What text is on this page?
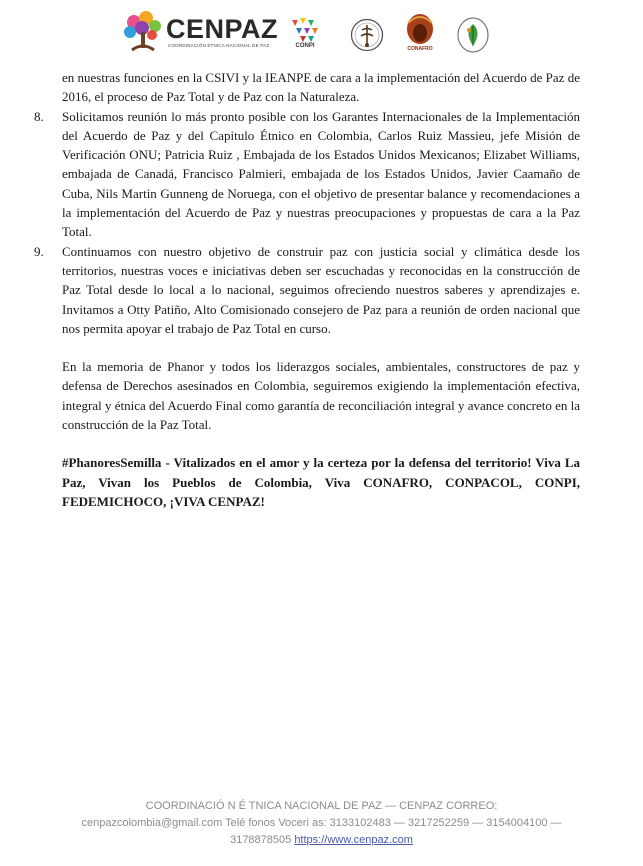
CENPAZ
COORDINACIÓN ÉTNICA NACIONAL DE PAZ	CONPI	CONAFRO

en nuestras funciones en la CSIVI y la IEANPE de cara a la implementación del Acuerdo de Paz de 2016, el proceso de Paz Total y de Paz con la Naturaleza.

8. Solicitamos reunión lo más pronto posible con los Garantes Internacionales de la Implementación del Acuerdo de Paz y del Capitulo Étnico en Colombia, Carlos Ruiz Massieu, jefe Misión de Verificación ONU; Patricia Ruiz , Embajada de los Estados Unidos Mexicanos; Elizabet Williams, embajada de Canadá, Francisco Palmieri, embajada de los Estados Unidos, Javier Caamaño de Cuba, Nils Martin Gunneng de Noruega, con el objetivo de presentar balance y recomendaciones a la implementación del Acuerdo de Paz y nuestras preocupaciones y propuestas de cara a la Paz Total.

9. Continuamos con nuestro objetivo de construir paz con justicia social y climática desde los territorios, nuestras voces e iniciativas deben ser escuchadas y reconocidas en la construcción de Paz Total desde lo local a lo nacional, seguimos ofreciendo nuestros saberes y aprendizajes e. Invitamos a Otty Patiño, Alto Comisionado consejero de Paz para a reunión de orden nacional que nos permita apoyar el trabajo de Paz Total en curso.

En la memoria de Phanor y todos los liderazgos sociales, ambientales, constructores de paz y defensa de Derechos asesinados en Colombia, seguiremos exigiendo la implementación efectiva, integral y étnica del Acuerdo Final como garantía de reconciliación integral y avance concreto en la construcción de la Paz Total.

#PhanoresSemilla - Vitalizados en el amor y la certeza por la defensa del territorio! Viva La Paz, Vivan los Pueblos de Colombia, Viva CONAFRO, CONPACOL, CONPI, FEDEMICHOCO, ¡VIVA CENPAZ!

COORDINACIÓ N É TNICA NACIONAL DE PAZ — CENPAZ CORREO:
cenpazcolombia@gmail.com Telé fonos Voceri as: 3133102483 — 3217252259 — 3154004100 —
3178878505 https://www.cenpaz.com
